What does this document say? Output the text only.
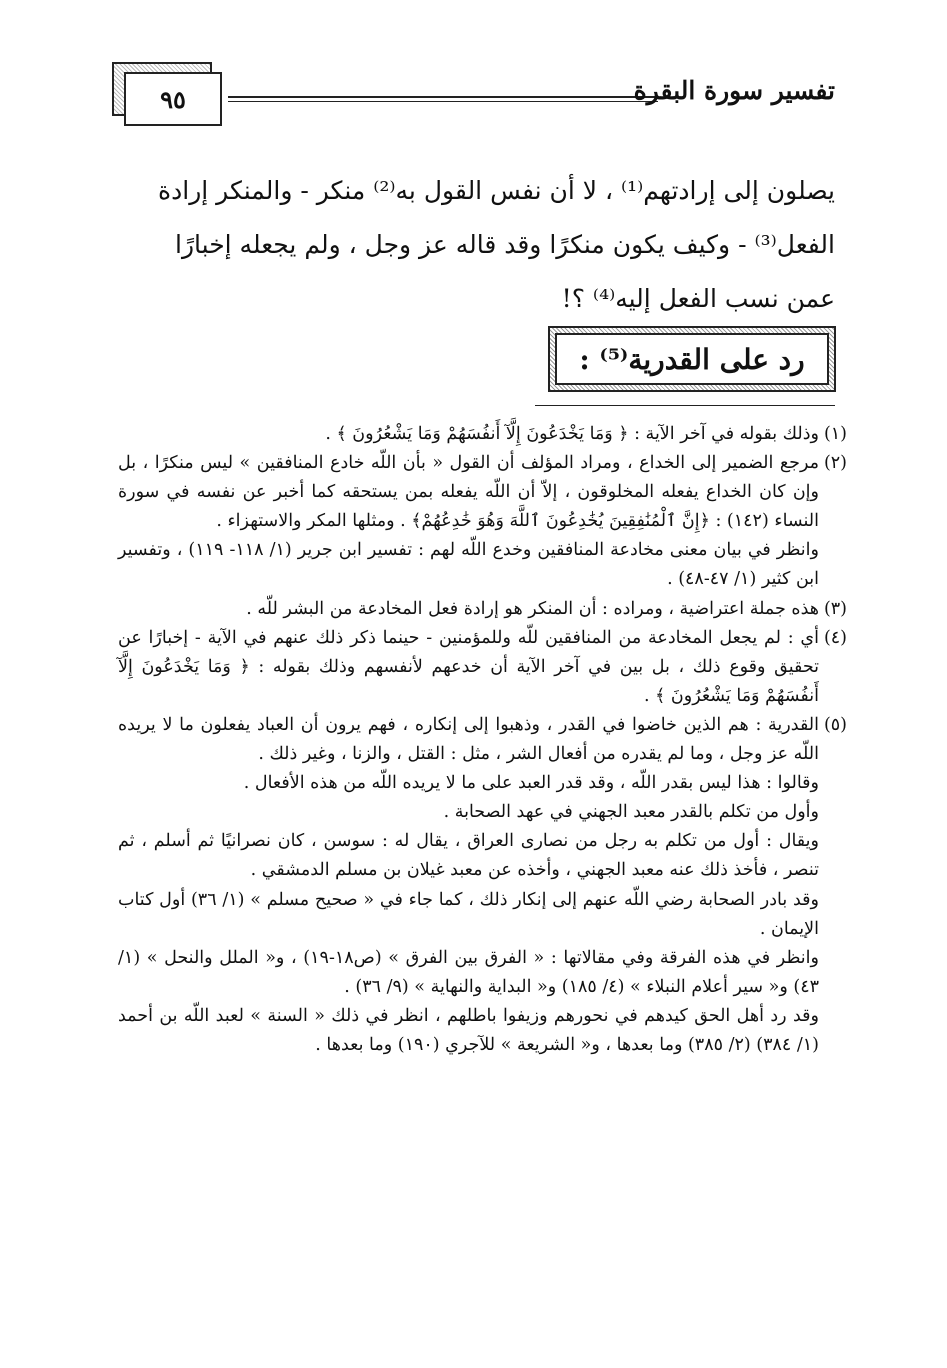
٩٥	تفسير سورة البقرة

يصلون إلى إرادتهم⁽¹⁾ ، لا أن نفس القول به⁽²⁾ منكر - والمنكر إرادة

الفعل⁽³⁾ - وكيف يكون منكرًا وقد قاله عز وجل ، ولم يجعله إخبارًا

عمن نسب الفعل إليه⁽⁴⁾ ؟!

رد على القدرية⁽⁵⁾ :

(١)وذلك بقوله في آخر الآية : ﴿ وَمَا يَخْدَعُونَ إِلَّآ أَنفُسَهُمْ وَمَا يَشْعُرُونَ ﴾ .

(٢)مرجع الضمير إلى الخداع ، ومراد المؤلف أن القول « بأن اللّه خادع المنافقين » ليس منكرًا ، بل وإن كان الخداع يفعله المخلوقون ، إلاّ أن اللّه يفعله بمن يستحقه كما أخبر عن نفسه في سورة النساء (١٤٢) : ﴿إِنَّ ٱلْمُنَٰفِقِينَ يُخَٰدِعُونَ ٱللَّهَ وَهُوَ خَٰدِعُهُمْ﴾ . ومثلها المكر والاستهزاء .

وانظر في بيان معنى مخادعة المنافقين وخدع اللّه لهم : تفسير ابن جرير (١/ ١١٨- ١١٩) ، وتفسير ابن كثير (١/ ٤٧-٤٨) .

(٣)هذه جملة اعتراضية ، ومراده : أن المنكر هو إرادة فعل المخادعة من البشر للّه .

(٤)أي : لم يجعل المخادعة من المنافقين للّه وللمؤمنين - حينما ذكر ذلك عنهم في الآية - إخبارًا عن تحقيق وقوع ذلك ، بل بين في آخر الآية أن خدعهم لأنفسهم وذلك بقوله : ﴿ وَمَا يَخْدَعُونَ إِلَّآ أَنفُسَهُمْ وَمَا يَشْعُرُونَ ﴾ .

(٥)القدرية : هم الذين خاضوا في القدر ، وذهبوا إلى إنكاره ، فهم يرون أن العباد يفعلون ما لا يريده اللّه عز وجل ، وما لم يقدره من أفعال الشر ، مثل : القتل ، والزنا ، وغير ذلك .

وقالوا : هذا ليس بقدر اللّه ، وقد قدر العبد على ما لا يريده اللّه من هذه الأفعال .

وأول من تكلم بالقدر معبد الجهني في عهد الصحابة .

ويقال : أول من تكلم به رجل من نصارى العراق ، يقال له : سوسن ، كان نصرانيًا ثم أسلم ، ثم تنصر ، فأخذ ذلك عنه معبد الجهني ، وأخذه عن معبد غيلان بن مسلم الدمشقي .

وقد بادر الصحابة رضي اللّه عنهم إلى إنكار ذلك ، كما جاء في « صحيح مسلم » (١/ ٣٦) أول كتاب الإيمان .

وانظر في هذه الفرقة وفي مقالاتها : « الفرق بين الفرق » (ص١٨-١٩) ، و« الملل والنحل » (١/ ٤٣) و« سير أعلام النبلاء » (٤/ ١٨٥) و« البداية والنهاية » (٩/ ٣٦) .

وقد رد أهل الحق كيدهم في نحورهم وزيفوا باطلهم ، انظر في ذلك « السنة » لعبد اللّه بن أحمد (١/ ٣٨٤) (٢/ ٣٨٥) وما بعدها ، و« الشريعة » للآجري (١٩٠) وما بعدها .
